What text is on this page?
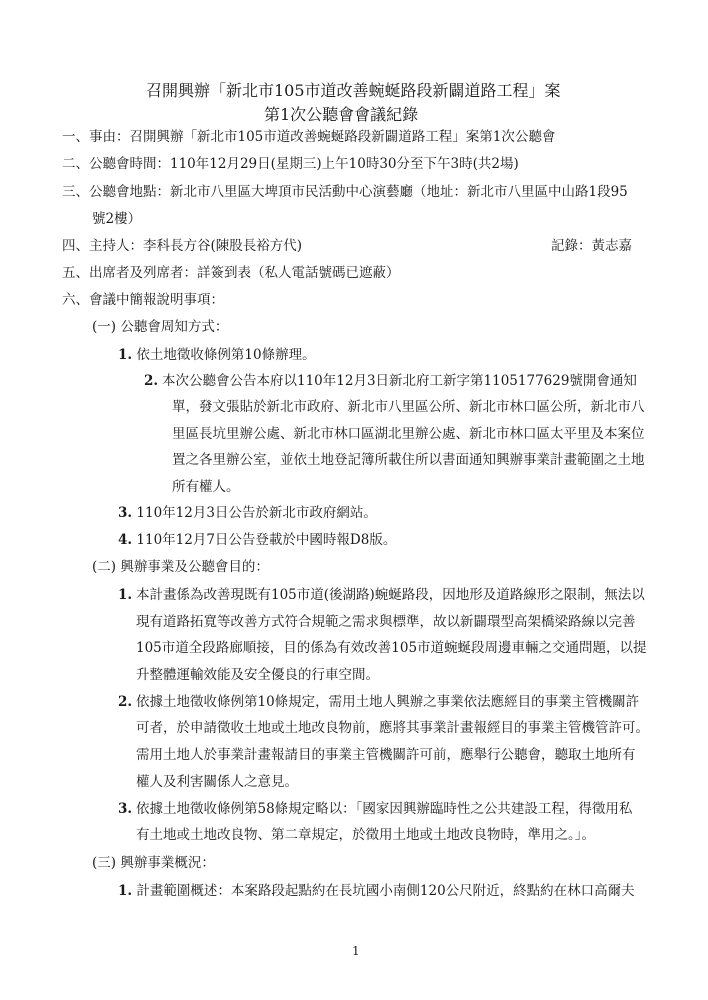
召開興辦「新北市105市道改善蜿蜒路段新闢道路工程」案
第1次公聽會會議紀錄
一、事由：召開興辦「新北市105市道改善蜿蜒路段新闢道路工程」案第1次公聽會
二、公聽會時間：110年12月29日(星期三)上午10時30分至下午3時(共2場)
三、公聽會地點：新北市八里區大埤頂市民活動中心演藝廳（地址：新北市八里區中山路1段95
號2樓）
四、主持人：李科長方谷(陳股長裕方代)	記錄：黃志嘉
五、出席者及列席者：詳簽到表（私人電話號碼已遮蔽）
六、會議中簡報說明事項：
(一) 公聽會周知方式：
1. 依土地徵收條例第10條辦理。
2. 本次公聽會公告本府以110年12月3日新北府工新字第1105177629號開會通知
單，發文張貼於新北市政府、新北市八里區公所、新北市林口區公所，新北市八
里區長坑里辦公處、新北市林口區湖北里辦公處、新北市林口區太平里及本案位
置之各里辦公室，並依土地登記簿所載住所以書面通知興辦事業計畫範圍之土地
所有權人。
3. 110年12月3日公告於新北市政府網站。
4. 110年12月7日公告登載於中國時報D8版。
(二) 興辦事業及公聽會目的：
1. 本計畫係為改善現既有105市道(後湖路)蜿蜒路段，因地形及道路線形之限制，無法以
現有道路拓寬等改善方式符合規範之需求與標準，故以新闢環型高架橋梁路線以完善
105市道全段路廊順接，目的係為有效改善105市道蜿蜒段周邊車輛之交通問題，以提
升整體運輸效能及安全優良的行車空間。
2. 依據土地徵收條例第10條規定，需用土地人興辦之事業依法應經目的事業主管機關許
可者，於申請徵收土地或土地改良物前，應將其事業計畫報經目的事業主管機管許可。
需用土地人於事業計畫報請目的事業主管機關許可前，應舉行公聽會，聽取土地所有
權人及利害關係人之意見。
3. 依據土地徵收條例第58條規定略以：「國家因興辦臨時性之公共建設工程，得徵用私
有土地或土地改良物、第二章規定，於徵用土地或土地改良物時，準用之。」。
(三) 興辦事業概況：
1. 計畫範圍概述：本案路段起點約在長坑國小南側120公尺附近，終點約在林口高爾夫
1
